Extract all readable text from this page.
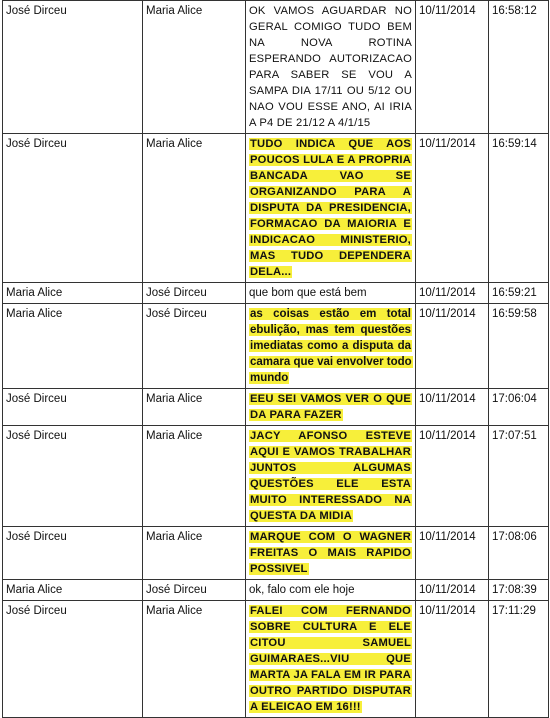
José Dirceu	Maria Alice	OK VAMOS AGUARDAR NO GERAL COMIGO TUDO BEM NA NOVA ROTINA ESPERANDO AUTORIZACAO PARA SABER SE VOU A SAMPA DIA 17/11 OU 5/12 OU NAO VOU ESSE ANO, AI IRIA A P4 DE 21/12 A 4/1/15	10/11/2014	16:58:12
José Dirceu	Maria Alice	TUDO INDICA QUE AOS POUCOS LULA E A PROPRIA BANCADA VAO SE ORGANIZANDO PARA A DISPUTA DA PRESIDENCIA, FORMACAO DA MAIORIA E INDICACAO MINISTERIO, MAS TUDO DEPENDERA DELA...	10/11/2014	16:59:14
Maria Alice	José Dirceu	que bom que está bem	10/11/2014	16:59:21
Maria Alice	José Dirceu	as coisas estão em total ebulição, mas tem questões imediatas como a disputa da camara que vai envolver todo mundo	10/11/2014	16:59:58
José Dirceu	Maria Alice	EEU SEI VAMOS VER O QUE DA PARA FAZER	10/11/2014	17:06:04
José Dirceu	Maria Alice	JACY AFONSO ESTEVE AQUI E VAMOS TRABALHAR JUNTOS ALGUMAS QUESTÕES ELE ESTA MUITO INTERESSADO NA QUESTA DA MIDIA	10/11/2014	17:07:51
José Dirceu	Maria Alice	MARQUE COM O WAGNER FREITAS O MAIS RAPIDO POSSIVEL	10/11/2014	17:08:06
Maria Alice	José Dirceu	ok, falo com ele hoje	10/11/2014	17:08:39
José Dirceu	Maria Alice	FALEI COM FERNANDO SOBRE CULTURA E ELE CITOU SAMUEL GUIMARAES...VIU QUE MARTA JA FALA EM IR PARA OUTRO PARTIDO DISPUTAR A ELEICAO EM 16!!!	10/11/2014	17:11:29
